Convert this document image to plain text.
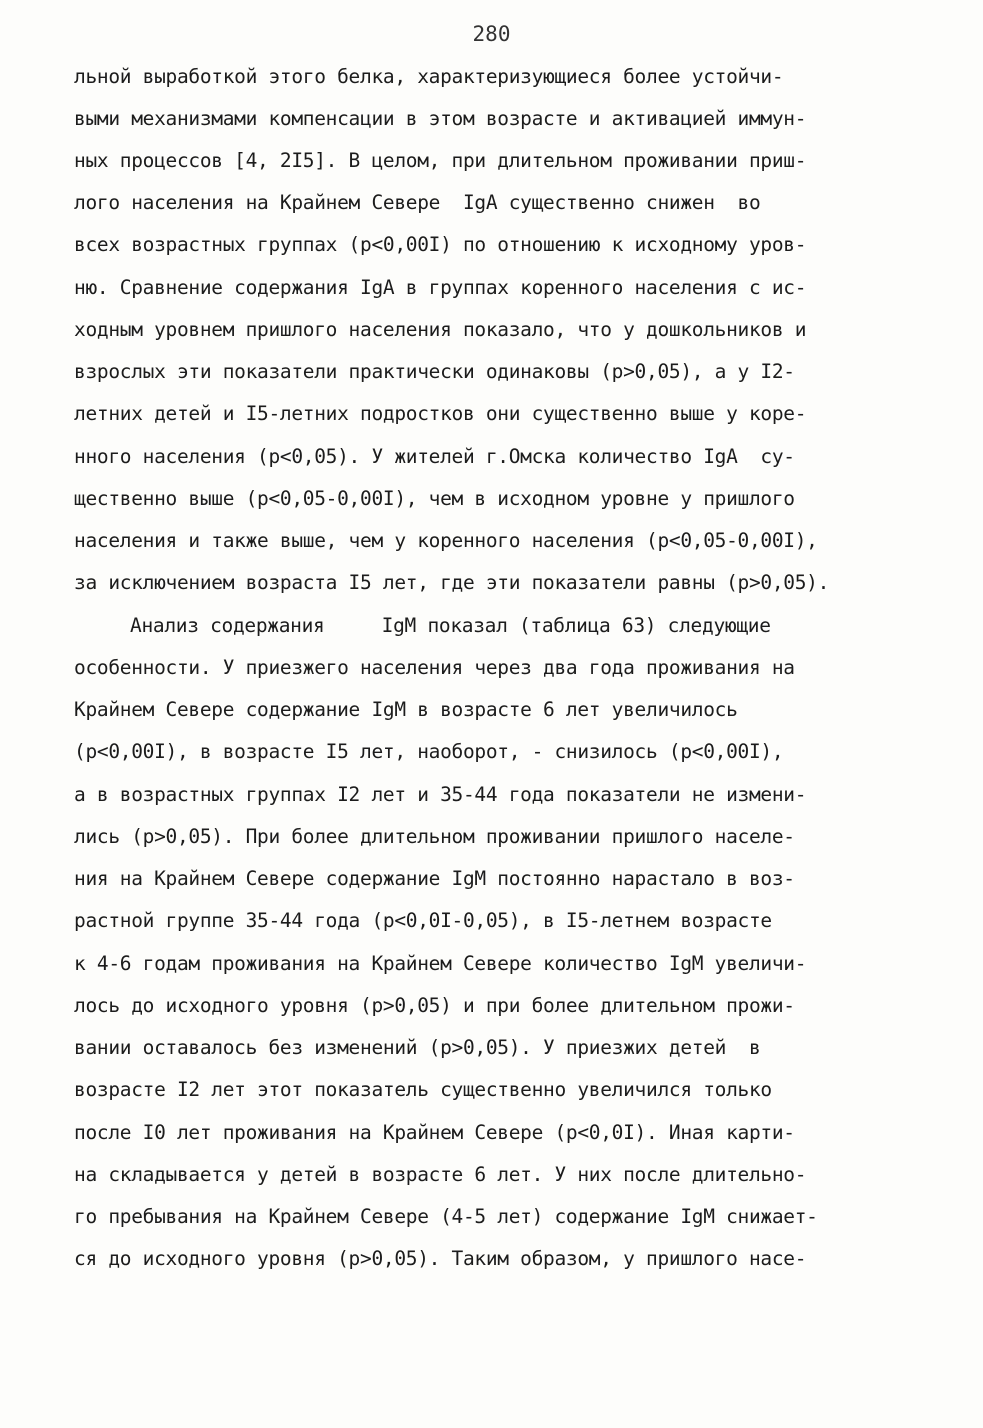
280
льной выработкой этого белка, характеризующиеся более устойчи-
выми механизмами компенсации в этом возрасте и активацией иммун-
ных процессов [4, 2I5]. В целом, при длительном проживании приш-
лого населения на Крайнем Севере  IgA существенно снижен  во
всех возрастных группах (p<0,00I) по отношению к исходному уров-
ню. Сравнение содержания IgA в группах коренного населения с ис-
ходным уровнем пришлого населения показало, что у дошкольников и
взрослых эти показатели практически одинаковы (p>0,05), а у I2-
летних детей и I5-летних подростков они существенно выше у коре-
нного населения (p<0,05). У жителей г.Омска количество IgA  су-
щественно выше (p<0,05-0,00I), чем в исходном уровне у пришлого
населения и также выше, чем у коренного населения (p<0,05-0,00I),
за исключением возраста I5 лет, где эти показатели равны (p>0,05).
Анализ содержания     IgM показал (таблица 63) следующие
особенности. У приезжего населения через два года проживания на
Крайнем Севере содержание IgM в возрасте 6 лет увеличилось
(p<0,00I), в возрасте I5 лет, наоборот, - снизилось (p<0,00I),
а в возрастных группах I2 лет и 35-44 года показатели не измени-
лись (p>0,05). При более длительном проживании пришлого населе-
ния на Крайнем Севере содержание IgM постоянно нарастало в воз-
растной группе 35-44 года (p<0,0I-0,05), в I5-летнем возрасте
к 4-6 годам проживания на Крайнем Севере количество IgM увеличи-
лось до исходного уровня (p>0,05) и при более длительном прожи-
вании оставалось без изменений (p>0,05). У приезжих детей  в
возрасте I2 лет этот показатель существенно увеличился только
после I0 лет проживания на Крайнем Севере (p<0,0I). Иная карти-
на складывается у детей в возрасте 6 лет. У них после длительно-
го пребывания на Крайнем Севере (4-5 лет) содержание IgM снижает-
ся до исходного уровня (p>0,05). Таким образом, у пришлого насе-
